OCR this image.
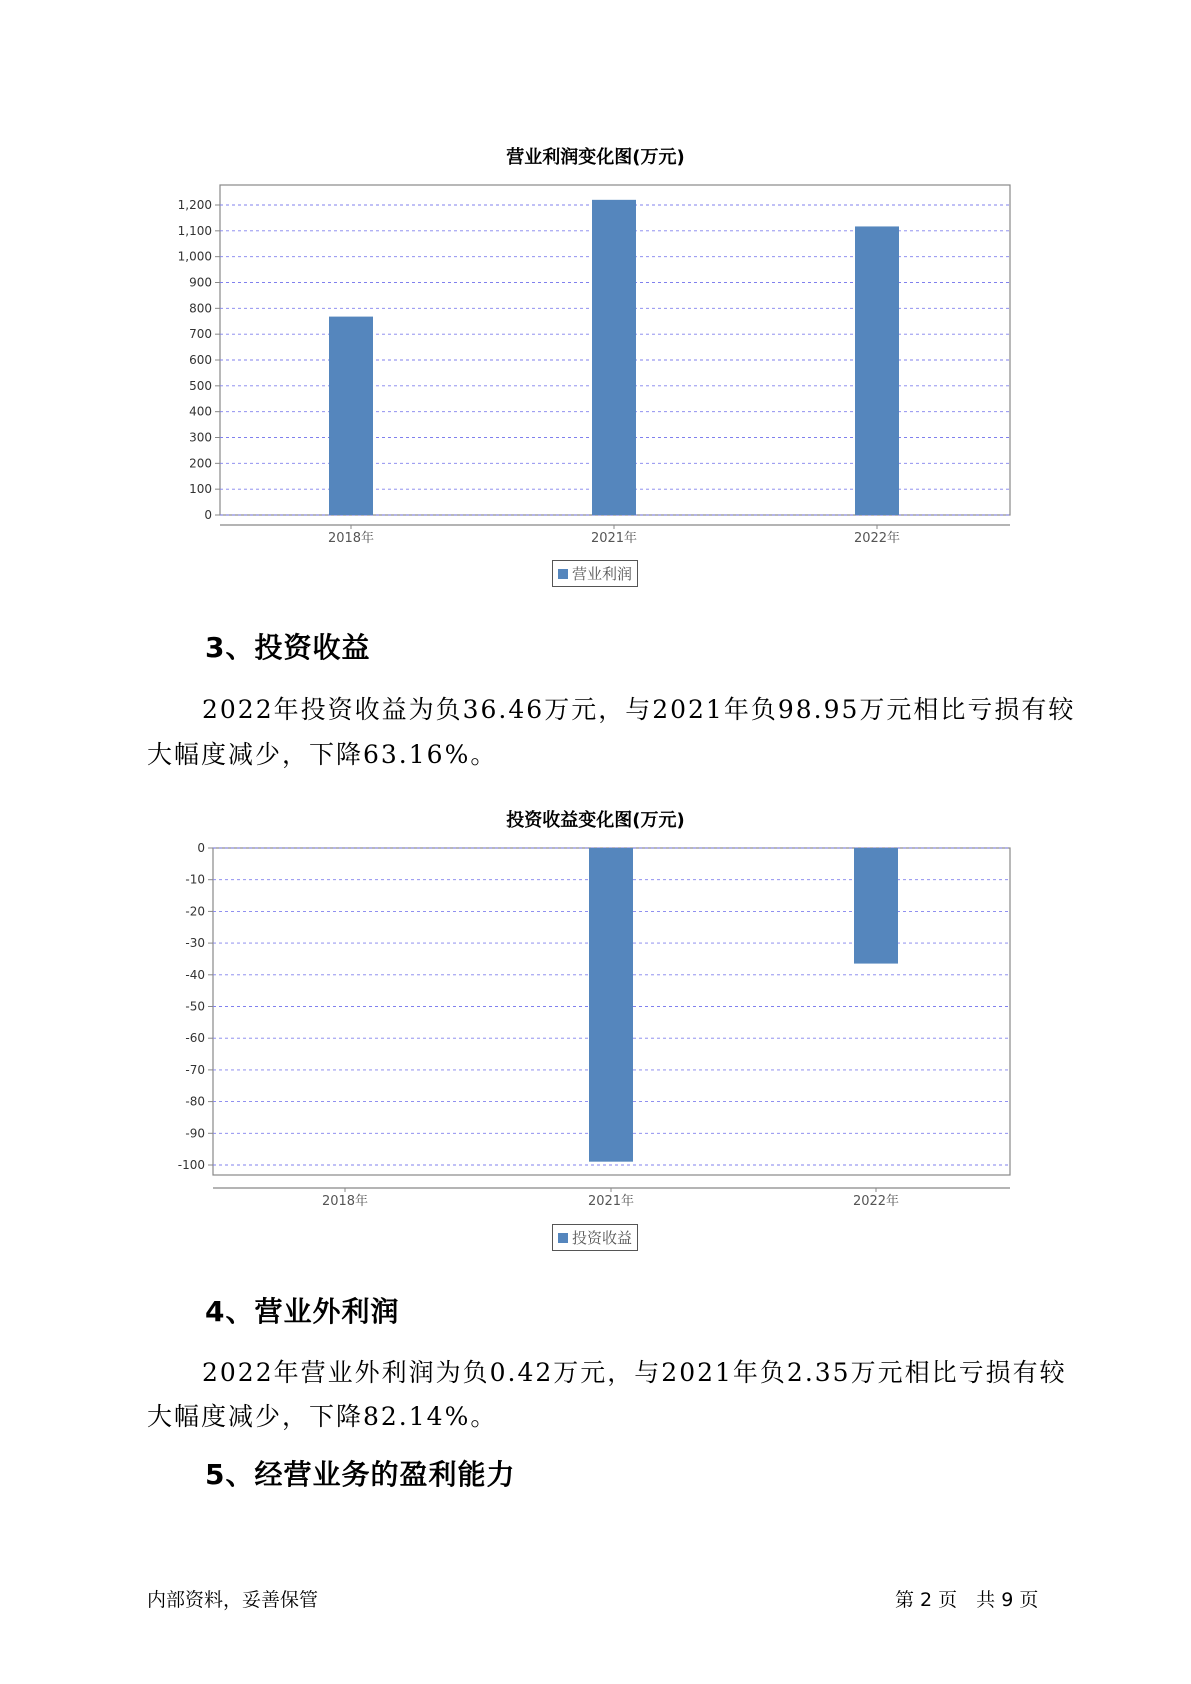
营业利润变化图(万元)
0
100
200
300
400
500
600
700
800
900
1,000
1,100
1,200
2018年	2021年	2022年
营业利润
3、投资收益
2022年投资收益为负36.46万元，与2021年负98.95万元相比亏损有较
大幅度减少，下降63.16%。
投资收益变化图(万元)
0
-10
-20
-30
-40
-50
-60
-70
-80
-90
-100
2018年	2021年	2022年
投资收益
4、营业外利润
2022年营业外利润为负0.42万元，与2021年负2.35万元相比亏损有较
大幅度减少，下降82.14%。
5、经营业务的盈利能力
内部资料，妥善保管	第 2 页　共 9 页
